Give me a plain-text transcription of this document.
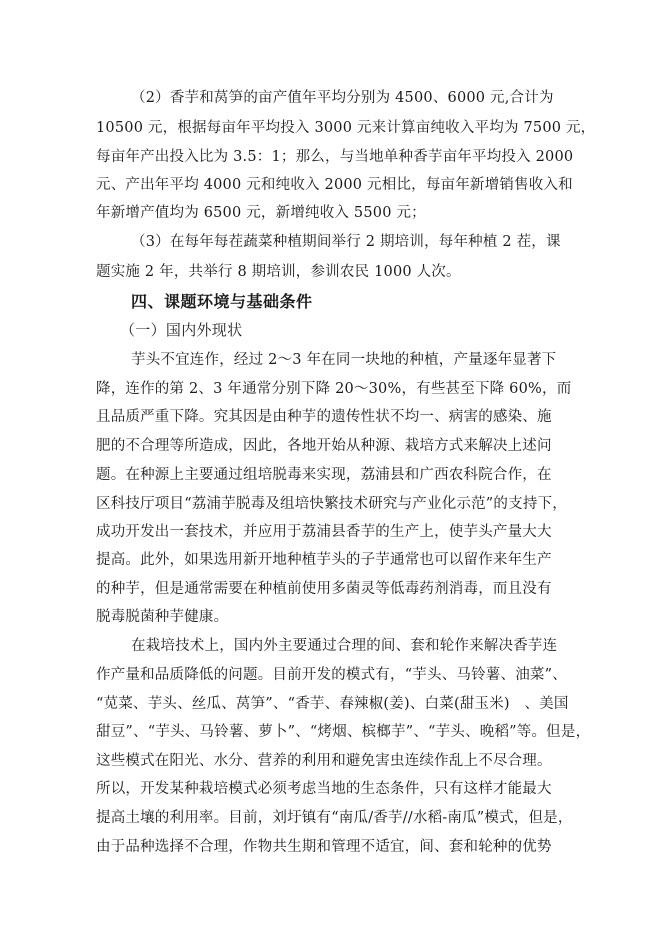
（2）香芋和莴笋的亩产值年平均分别为 4500、6000 元,合计为
10500 元，根据每亩年平均投入 3000 元来计算亩纯收入平均为 7500 元，
每亩年产出投入比为 3.5：1；那么，与当地单种香芋亩年平均投入 2000
元、产出年平均 4000 元和纯收入 2000 元相比，每亩年新增销售收入和
年新增产值均为 6500 元，新增纯收入 5500 元；
（3）在每年每茬蔬菜种植期间举行 2 期培训，每年种植 2 茬，课
题实施 2 年，共举行 8 期培训，参训农民 1000 人次。
四、课题环境与基础条件
（一）国内外现状
芋头不宜连作，经过 2～3 年在同一块地的种植，产量逐年显著下
降，连作的第 2、3 年通常分别下降 20～30%，有些甚至下降 60%，而
且品质严重下降。究其因是由种芋的遗传性状不均一、病害的感染、施
肥的不合理等所造成，因此，各地开始从种源、栽培方式来解决上述问
题。在种源上主要通过组培脱毒来实现，荔浦县和广西农科院合作，在
区科技厅项目“荔浦芋脱毒及组培快繁技术研究与产业化示范”的支持下，
成功开发出一套技术，并应用于荔浦县香芋的生产上，使芋头产量大大
提高。此外，如果选用新开地种植芋头的子芋通常也可以留作来年生产
的种芋，但是通常需要在种植前使用多菌灵等低毒药剂消毒，而且没有
脱毒脱菌种芋健康。
在栽培技术上，国内外主要通过合理的间、套和轮作来解决香芋连
作产量和品质降低的问题。目前开发的模式有，“芋头、马铃薯、油菜”、
“苋菜、芋头、丝瓜、莴笋”、“香芋、春辣椒(姜)、白菜(甜玉米)　、美国
甜豆”、“芋头、马铃薯、萝卜”、“烤烟、槟榔芋”、“芋头、晚稻”等。但是，
这些模式在阳光、水分、营养的利用和避免害虫连续作乱上不尽合理。
所以，开发某种栽培模式必须考虑当地的生态条件，只有这样才能最大
提高土壤的利用率。目前，刘圩镇有“南瓜/香芋//水稻-南瓜”模式，但是，
由于品种选择不合理，作物共生期和管理不适宜，间、套和轮种的优势
